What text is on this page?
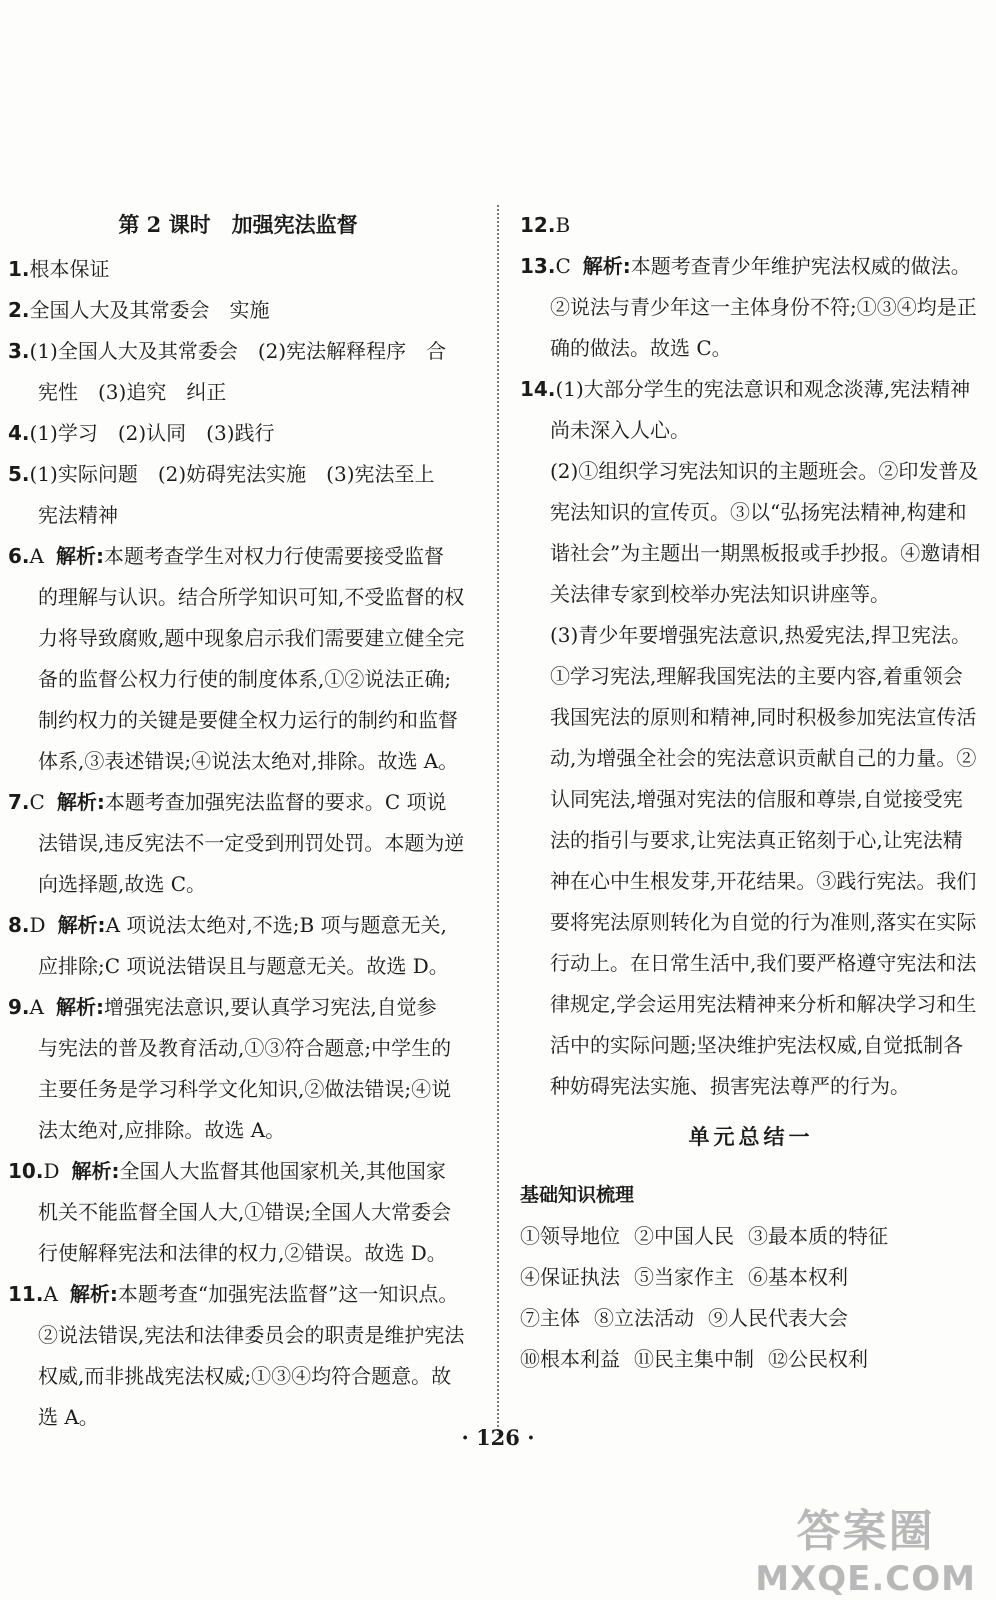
第 2 课时　加强宪法监督
1.根本保证
2.全国人大及其常委会　实施
3.(1)全国人大及其常委会　(2)宪法解释程序　合
宪性　(3)追究　纠正
4.(1)学习　(2)认同　(3)践行
5.(1)实际问题　(2)妨碍宪法实施　(3)宪法至上
宪法精神
6.A 解析:本题考查学生对权力行使需要接受监督
的理解与认识。结合所学知识可知,不受监督的权力将导致腐败,题中现象启示我们需要建立健全完备的监督公权力行使的制度体系,①②说法正确;制约权力的关键是要健全权力运行的制约和监督体系,③表述错误;④说法太绝对,排除。故选 A。
7.C 解析:本题考查加强宪法监督的要求。C 项说
法错误,违反宪法不一定受到刑罚处罚。本题为逆向选择题,故选 C。
8.D 解析:A 项说法太绝对,不选;B 项与题意无关,
应排除;C 项说法错误且与题意无关。故选 D。
9.A 解析:增强宪法意识,要认真学习宪法,自觉参
与宪法的普及教育活动,①③符合题意;中学生的主要任务是学习科学文化知识,②做法错误;④说法太绝对,应排除。故选 A。
10.D 解析:全国人大监督其他国家机关,其他国家
机关不能监督全国人大,①错误;全国人大常委会行使解释宪法和法律的权力,②错误。故选 D。
11.A 解析:本题考查“加强宪法监督”这一知识点。
②说法错误,宪法和法律委员会的职责是维护宪法权威,而非挑战宪法权威;①③④均符合题意。故选 A。
12.B
13.C 解析:本题考查青少年维护宪法权威的做法。
②说法与青少年这一主体身份不符;①③④均是正确的做法。故选 C。
14.(1)大部分学生的宪法意识和观念淡薄,宪法精神
尚未深入人心。
(2)①组织学习宪法知识的主题班会。②印发普及宪法知识的宣传页。③以“弘扬宪法精神,构建和谐社会”为主题出一期黑板报或手抄报。④邀请相关法律专家到校举办宪法知识讲座等。
(3)青少年要增强宪法意识,热爱宪法,捍卫宪法。①学习宪法,理解我国宪法的主要内容,着重领会我国宪法的原则和精神,同时积极参加宪法宣传活动,为增强全社会的宪法意识贡献自己的力量。②认同宪法,增强对宪法的信服和尊崇,自觉接受宪法的指引与要求,让宪法真正铭刻于心,让宪法精神在心中生根发芽,开花结果。③践行宪法。我们要将宪法原则转化为自觉的行为准则,落实在实际行动上。在日常生活中,我们要严格遵守宪法和法律规定,学会运用宪法精神来分析和解决学习和生活中的实际问题;坚决维护宪法权威,自觉抵制各种妨碍宪法实施、损害宪法尊严的行为。
单元总结一
基础知识梳理
①领导地位 ②中国人民 ③最本质的特征
④保证执法 ⑤当家作主 ⑥基本权利
⑦主体 ⑧立法活动 ⑨人民代表大会
⑩根本利益 ⑪民主集中制 ⑫公民权利
· 126 ·
答案圈
MXQE.COM
